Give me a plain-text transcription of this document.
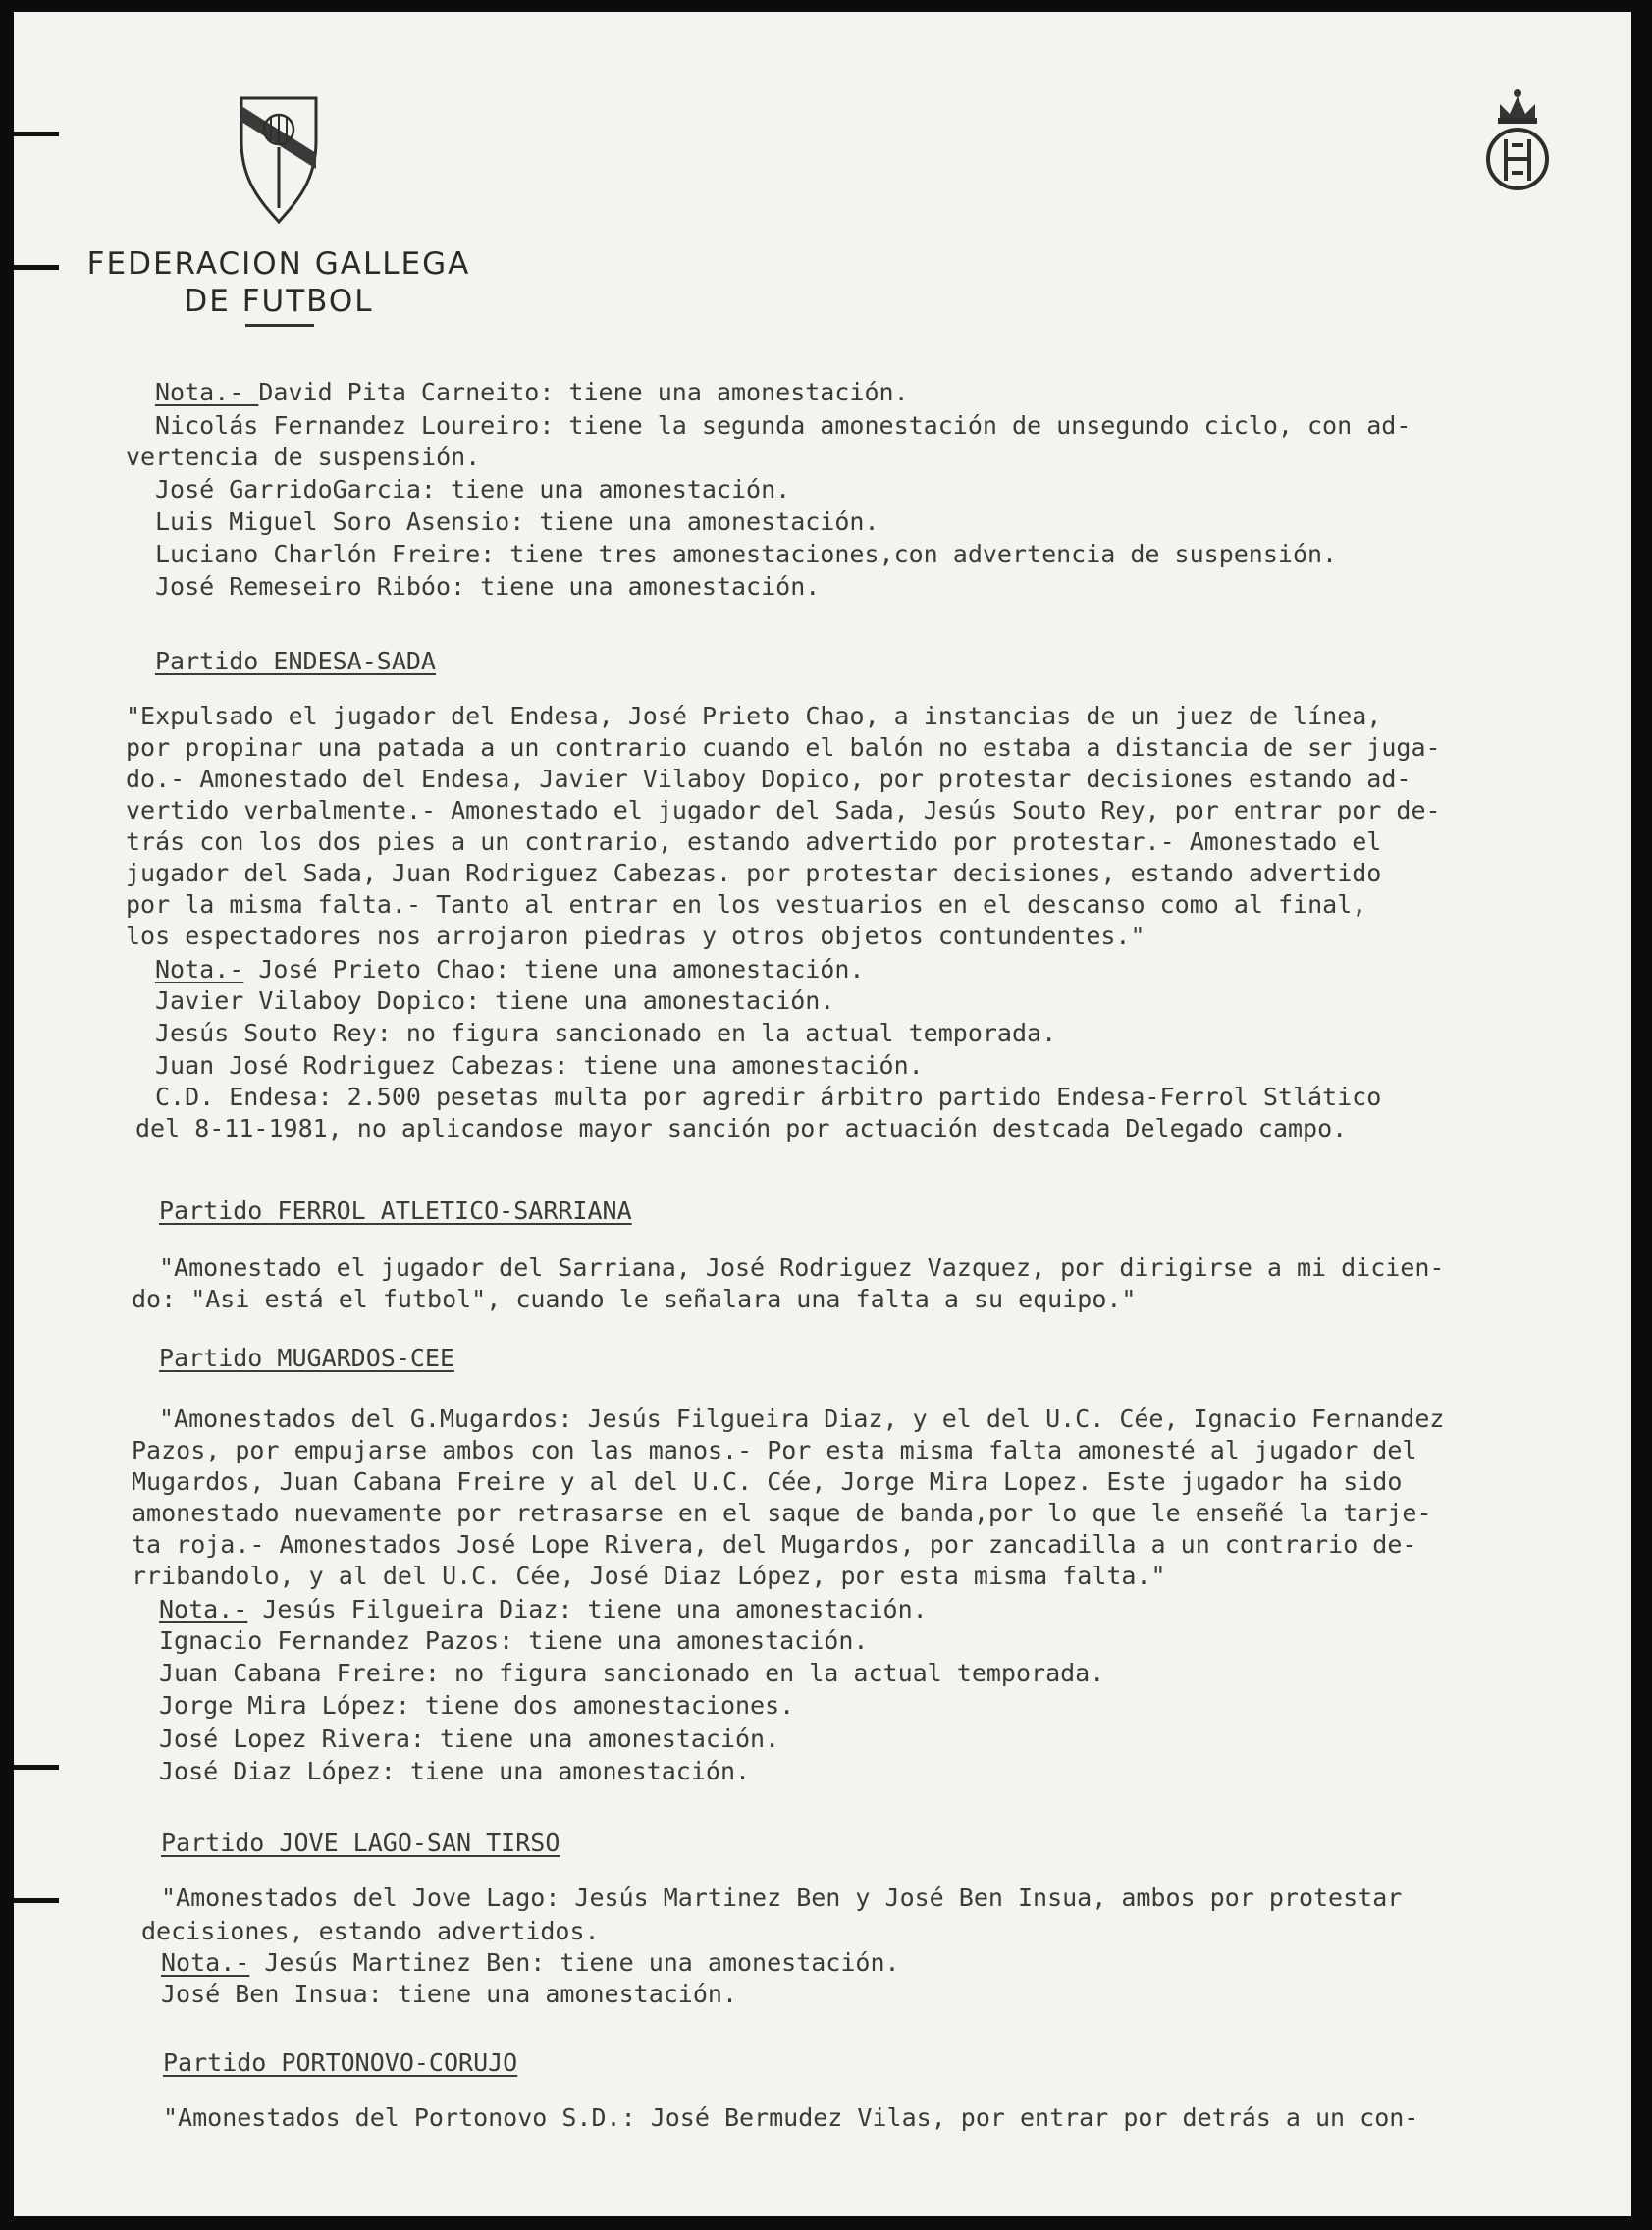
FEDERACION GALLEGA
DE FUTBOL
Nota.- David Pita Carneito: tiene una amonestación.
Nicolás Fernandez Loureiro: tiene la segunda amonestación de unsegundo ciclo, con ad-
vertencia de suspensión.
José GarridoGarcia: tiene una amonestación.
Luis Miguel Soro Asensio: tiene una amonestación.
Luciano Charlón Freire: tiene tres amonestaciones,con advertencia de suspensión.
José Remeseiro Ribóo: tiene una amonestación.
Partido ENDESA-SADA
"Expulsado el jugador del Endesa, José Prieto Chao, a instancias de un juez de línea,
por propinar una patada a un contrario cuando el balón no estaba a distancia de ser juga-
do.- Amonestado del Endesa, Javier Vilaboy Dopico, por protestar decisiones estando ad-
vertido verbalmente.- Amonestado el jugador del Sada, Jesús Souto Rey, por entrar por de-
trás con los dos pies a un contrario, estando advertido por protestar.- Amonestado el
jugador del Sada, Juan Rodriguez Cabezas. por protestar decisiones, estando advertido
por la misma falta.- Tanto al entrar en los vestuarios en el descanso como al final,
los espectadores nos arrojaron piedras y otros objetos contundentes."
Nota.- José Prieto Chao: tiene una amonestación.
Javier Vilaboy Dopico: tiene una amonestación.
Jesús Souto Rey: no figura sancionado en la actual temporada.
Juan José Rodriguez Cabezas: tiene una amonestación.
C.D. Endesa: 2.500 pesetas multa por agredir árbitro partido Endesa-Ferrol Stlático
del 8-11-1981, no aplicandose mayor sanción por actuación destcada Delegado campo.
Partido FERROL ATLETICO-SARRIANA
"Amonestado el jugador del Sarriana, José Rodriguez Vazquez, por dirigirse a mi dicien-
do: "Asi está el futbol", cuando le señalara una falta a su equipo."
Partido MUGARDOS-CEE
"Amonestados del G.Mugardos: Jesús Filgueira Diaz, y el del U.C. Cée, Ignacio Fernandez
Pazos, por empujarse ambos con las manos.- Por esta misma falta amonesté al jugador del
Mugardos, Juan Cabana Freire y al del U.C. Cée, Jorge Mira Lopez. Este jugador ha sido
amonestado nuevamente por retrasarse en el saque de banda,por lo que le enseñé la tarje-
ta roja.- Amonestados José Lope Rivera, del Mugardos, por zancadilla a un contrario de-
rribandolo, y al del U.C. Cée, José Diaz López, por esta misma falta."
Nota.- Jesús Filgueira Diaz: tiene una amonestación.
Ignacio Fernandez Pazos: tiene una amonestación.
Juan Cabana Freire: no figura sancionado en la actual temporada.
Jorge Mira López: tiene dos amonestaciones.
José Lopez Rivera: tiene una amonestación.
José Diaz López: tiene una amonestación.
Partido JOVE LAGO-SAN TIRSO
"Amonestados del Jove Lago: Jesús Martinez Ben y José Ben Insua, ambos por protestar
decisiones, estando advertidos.
Nota.- Jesús Martinez Ben: tiene una amonestación.
José Ben Insua: tiene una amonestación.
Partido PORTONOVO-CORUJO
"Amonestados del Portonovo S.D.: José Bermudez Vilas, por entrar por detrás a un con-
